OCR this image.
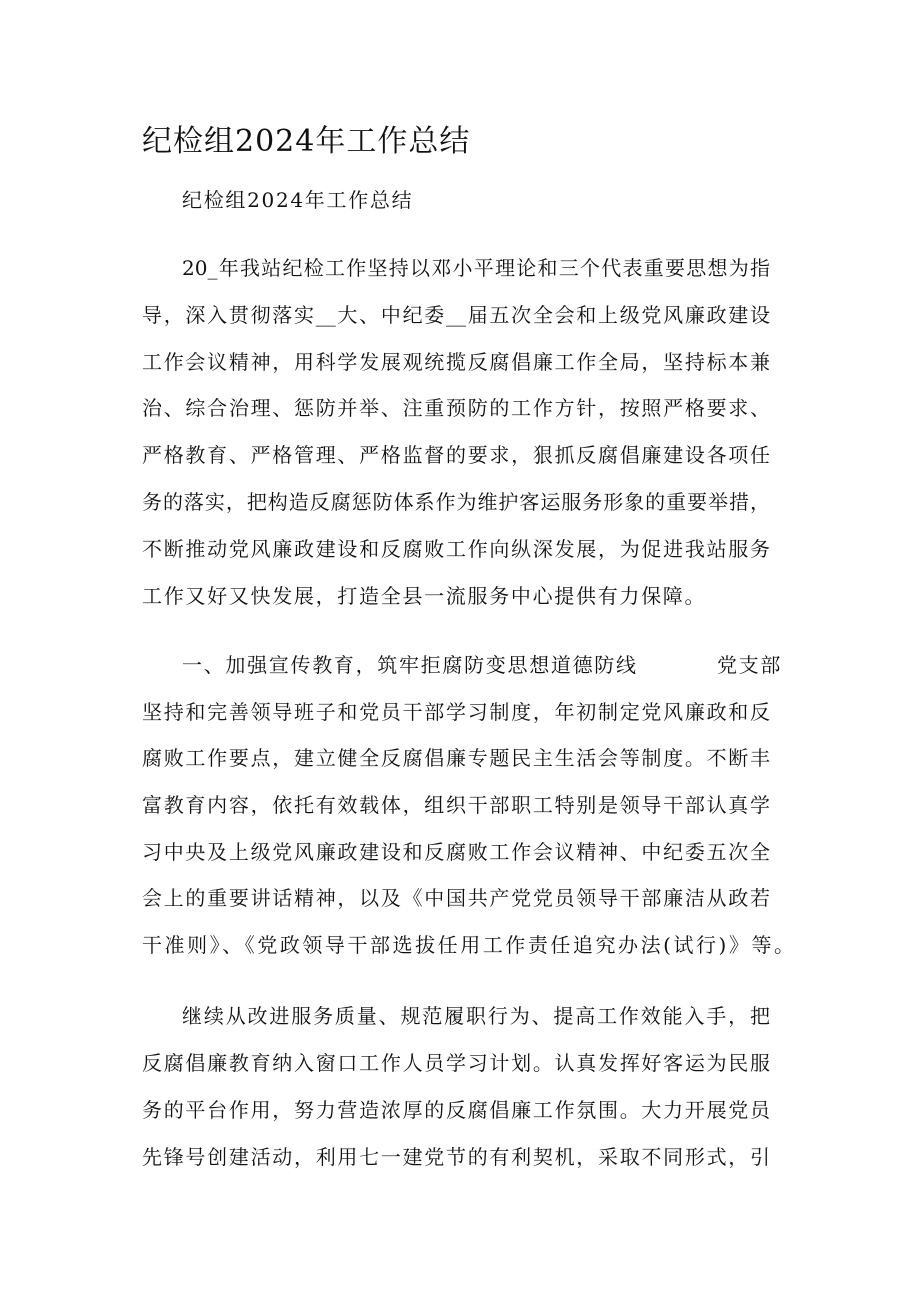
纪检组2024年工作总结
纪检组2024年工作总结
20_年我站纪检工作坚持以邓小平理论和三个代表重要思想为指
导，深入贯彻落实__大、中纪委__届五次全会和上级党风廉政建设
工作会议精神，用科学发展观统揽反腐倡廉工作全局，坚持标本兼
治、综合治理、惩防并举、注重预防的工作方针，按照严格要求、
严格教育、严格管理、严格监督的要求，狠抓反腐倡廉建设各项任
务的落实，把构造反腐惩防体系作为维护客运服务形象的重要举措，
不断推动党风廉政建设和反腐败工作向纵深发展，为促进我站服务
工作又好又快发展，打造全县一流服务中心提供有力保障。
一、加强宣传教育，筑牢拒腐防变思想道德防线	党支部
坚持和完善领导班子和党员干部学习制度，年初制定党风廉政和反
腐败工作要点，建立健全反腐倡廉专题民主生活会等制度。不断丰
富教育内容，依托有效载体，组织干部职工特别是领导干部认真学
习中央及上级党风廉政建设和反腐败工作会议精神、中纪委五次全
会上的重要讲话精神，以及《中国共产党党员领导干部廉洁从政若
干准则》、《党政领导干部选拔任用工作责任追究办法(试行)》等。
继续从改进服务质量、规范履职行为、提高工作效能入手，把
反腐倡廉教育纳入窗口工作人员学习计划。认真发挥好客运为民服
务的平台作用，努力营造浓厚的反腐倡廉工作氛围。大力开展党员
先锋号创建活动，利用七一建党节的有利契机，采取不同形式，引
